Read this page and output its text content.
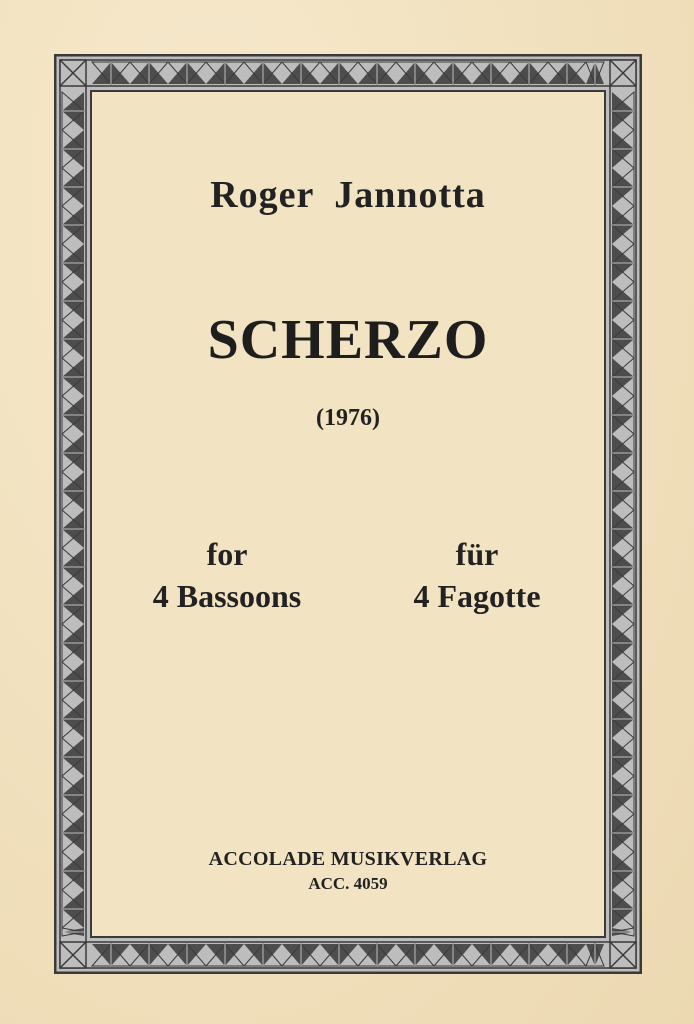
Roger Jannotta
SCHERZO
(1976)
for
4 Bassoons
für
4 Fagotte
ACCOLADE MUSIKVERLAG
ACC. 4059
